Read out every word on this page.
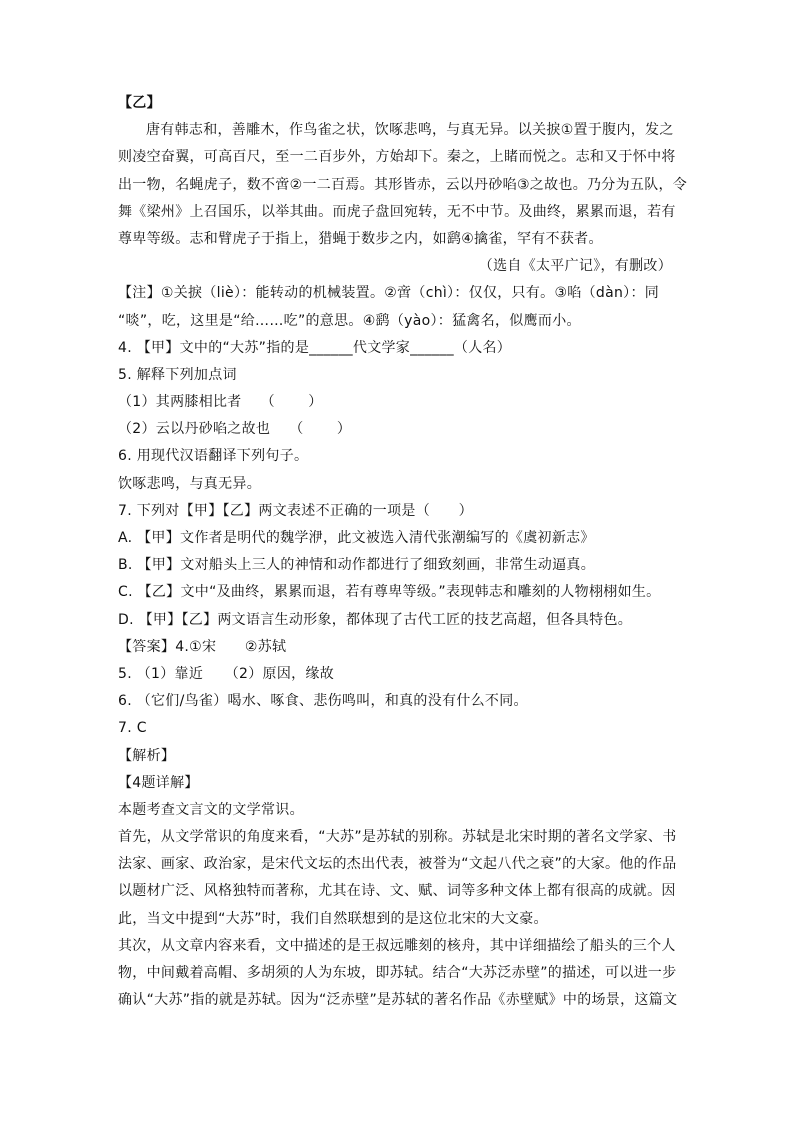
【乙】
唐有韩志和，善雕木，作鸟雀之状，饮啄悲鸣，与真无异。以关捩①置于腹内，发之
则凌空奋翼，可高百尺，至一二百步外，方始却下。秦之，上睹而悦之。志和又于怀中将
出一物，名蝇虎子，数不啻②一二百焉。其形皆赤，云以丹砂啗③之故也。乃分为五队，令
舞《梁州》上召国乐，以举其曲。而虎子盘回宛转，无不中节。及曲终，累累而退，若有
尊卑等级。志和臂虎子于指上，猎蝇于数步之内，如鹞④擒雀，罕有不获者。
（选自《太平广记》，有删改）
【注】①关捩（liè）：能转动的机械装置。②啻（chì）：仅仅，只有。③啗（dàn）：同
“啖”，吃，这里是“给……吃”的意思。④鹞（yào）：猛禽名，似鹰而小。
4. 【甲】文中的“大苏”指的是______代文学家______（人名）
5. 解释下列加点词
（1）其两膝相比者　 （　　 ）
（2）云以丹砂啗之故也　 （　　 ）
6. 用现代汉语翻译下列句子。
饮啄悲鸣，与真无异。
7. 下列对【甲】【乙】两文表述不正确的一项是（　　）
A. 【甲】文作者是明代的魏学洢，此文被选入清代张潮编写的《虞初新志》
B. 【甲】文对船头上三人的神情和动作都进行了细致刻画，非常生动逼真。
C. 【乙】文中“及曲终，累累而退，若有尊卑等级。”表现韩志和雕刻的人物栩栩如生。
D. 【甲】【乙】两文语言生动形象，都体现了古代工匠的技艺高超，但各具特色。
【答案】4.①宋　　②苏轼
5. （1）靠近　　（2）原因，缘故
6. （它们/鸟雀）喝水、啄食、悲伤鸣叫，和真的没有什么不同。
7. C
【解析】
【4题详解】
本题考查文言文的文学常识。
首先，从文学常识的角度来看，“大苏”是苏轼的别称。苏轼是北宋时期的著名文学家、书
法家、画家、政治家，是宋代文坛的杰出代表，被誉为“文起八代之衰”的大家。他的作品
以题材广泛、风格独特而著称，尤其在诗、文、赋、词等多种文体上都有很高的成就。因
此，当文中提到“大苏”时，我们自然联想到的是这位北宋的大文豪。
其次，从文章内容来看，文中描述的是王叔远雕刻的核舟，其中详细描绘了船头的三个人
物，中间戴着高帽、多胡须的人为东坡，即苏轼。结合“大苏泛赤壁”的描述，可以进一步
确认“大苏”指的就是苏轼。因为“泛赤壁”是苏轼的著名作品《赤壁赋》中的场景，这篇文
